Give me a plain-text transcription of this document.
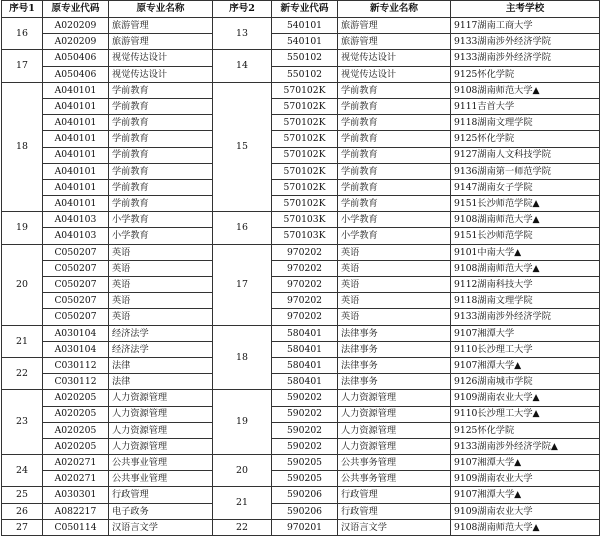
序号1	原专业代码	原专业名称	序号2	新专业代码	新专业名称	主考学校
16	A020209	旅游管理	13	540101	旅游管理	9117湖南工商大学
	A020209	旅游管理		540101	旅游管理	9133湖南涉外经济学院
17	A050406	视觉传达设计	14	550102	视觉传达设计	9133湖南涉外经济学院
	A050406	视觉传达设计		550102	视觉传达设计	9125怀化学院
18	A040101	学前教育	15	570102K	学前教育	9108湖南师范大学▲
	A040101	学前教育		570102K	学前教育	9111吉首大学
	A040101	学前教育		570102K	学前教育	9118湖南文理学院
	A040101	学前教育		570102K	学前教育	9125怀化学院
	A040101	学前教育		570102K	学前教育	9127湖南人文科技学院
	A040101	学前教育		570102K	学前教育	9136湖南第一师范学院
	A040101	学前教育		570102K	学前教育	9147湖南女子学院
	A040101	学前教育		570102K	学前教育	9151长沙师范学院▲
19	A040103	小学教育	16	570103K	小学教育	9108湖南师范大学▲
	A040103	小学教育		570103K	小学教育	9151长沙师范学院
20	C050207	英语	17	970202	英语	9101中南大学▲
	C050207	英语		970202	英语	9108湖南师范大学▲
	C050207	英语		970202	英语	9112湖南科技大学
	C050207	英语		970202	英语	9118湖南文理学院
	C050207	英语		970202	英语	9133湖南涉外经济学院
21	A030104	经济法学	18	580401	法律事务	9107湘潭大学
	A030104	经济法学		580401	法律事务	9110长沙理工大学
22	C030112	法律		580401	法律事务	9107湘潭大学▲
	C030112	法律		580401	法律事务	9126湖南城市学院
23	A020205	人力资源管理	19	590202	人力资源管理	9109湖南农业大学▲
	A020205	人力资源管理		590202	人力资源管理	9110长沙理工大学▲
	A020205	人力资源管理		590202	人力资源管理	9125怀化学院
	A020205	人力资源管理		590202	人力资源管理	9133湖南涉外经济学院▲
24	A020271	公共事业管理	20	590205	公共事务管理	9107湘潭大学▲
	A020271	公共事业管理		590205	公共事务管理	9109湖南农业大学
25	A030301	行政管理	21	590206	行政管理	9107湘潭大学▲
26	A082217	电子政务		590206	行政管理	9109湖南农业大学
27	C050114	汉语言文学	22	970201	汉语言文学	9108湖南师范大学▲
